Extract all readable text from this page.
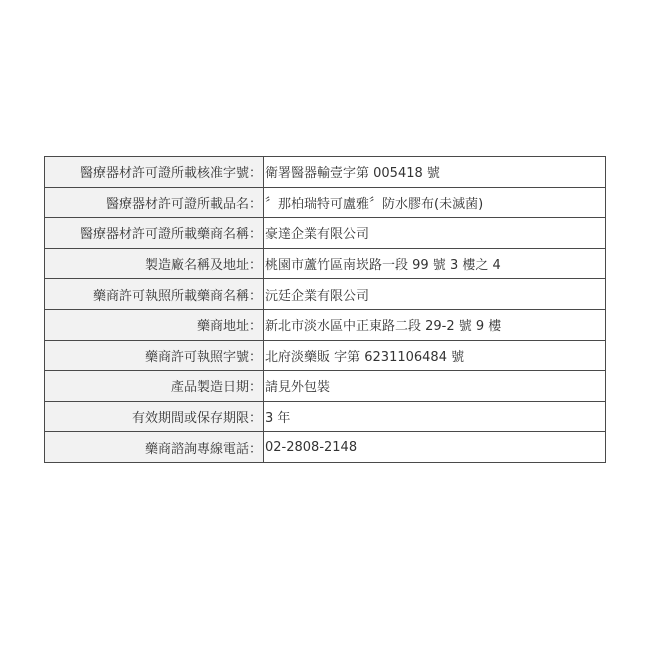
醫療器材許可證所載核准字號：	衛署醫器輸壹字第 005418 號
醫療器材許可證所載品名：	〞那柏瑞特可盧雅〞防水膠布(未滅菌)
醫療器材許可證所載藥商名稱：	豪達企業有限公司
製造廠名稱及地址：	桃園市蘆竹區南崁路一段 99 號 3 樓之 4
藥商許可執照所載藥商名稱：	沅廷企業有限公司
藥商地址：	新北市淡水區中正東路二段 29-2 號 9 樓
藥商許可執照字號：	北府淡藥販 字第 6231106484 號
產品製造日期：	請見外包裝
有效期間或保存期限：	3 年
藥商諮詢專線電話：	02-2808-2148
